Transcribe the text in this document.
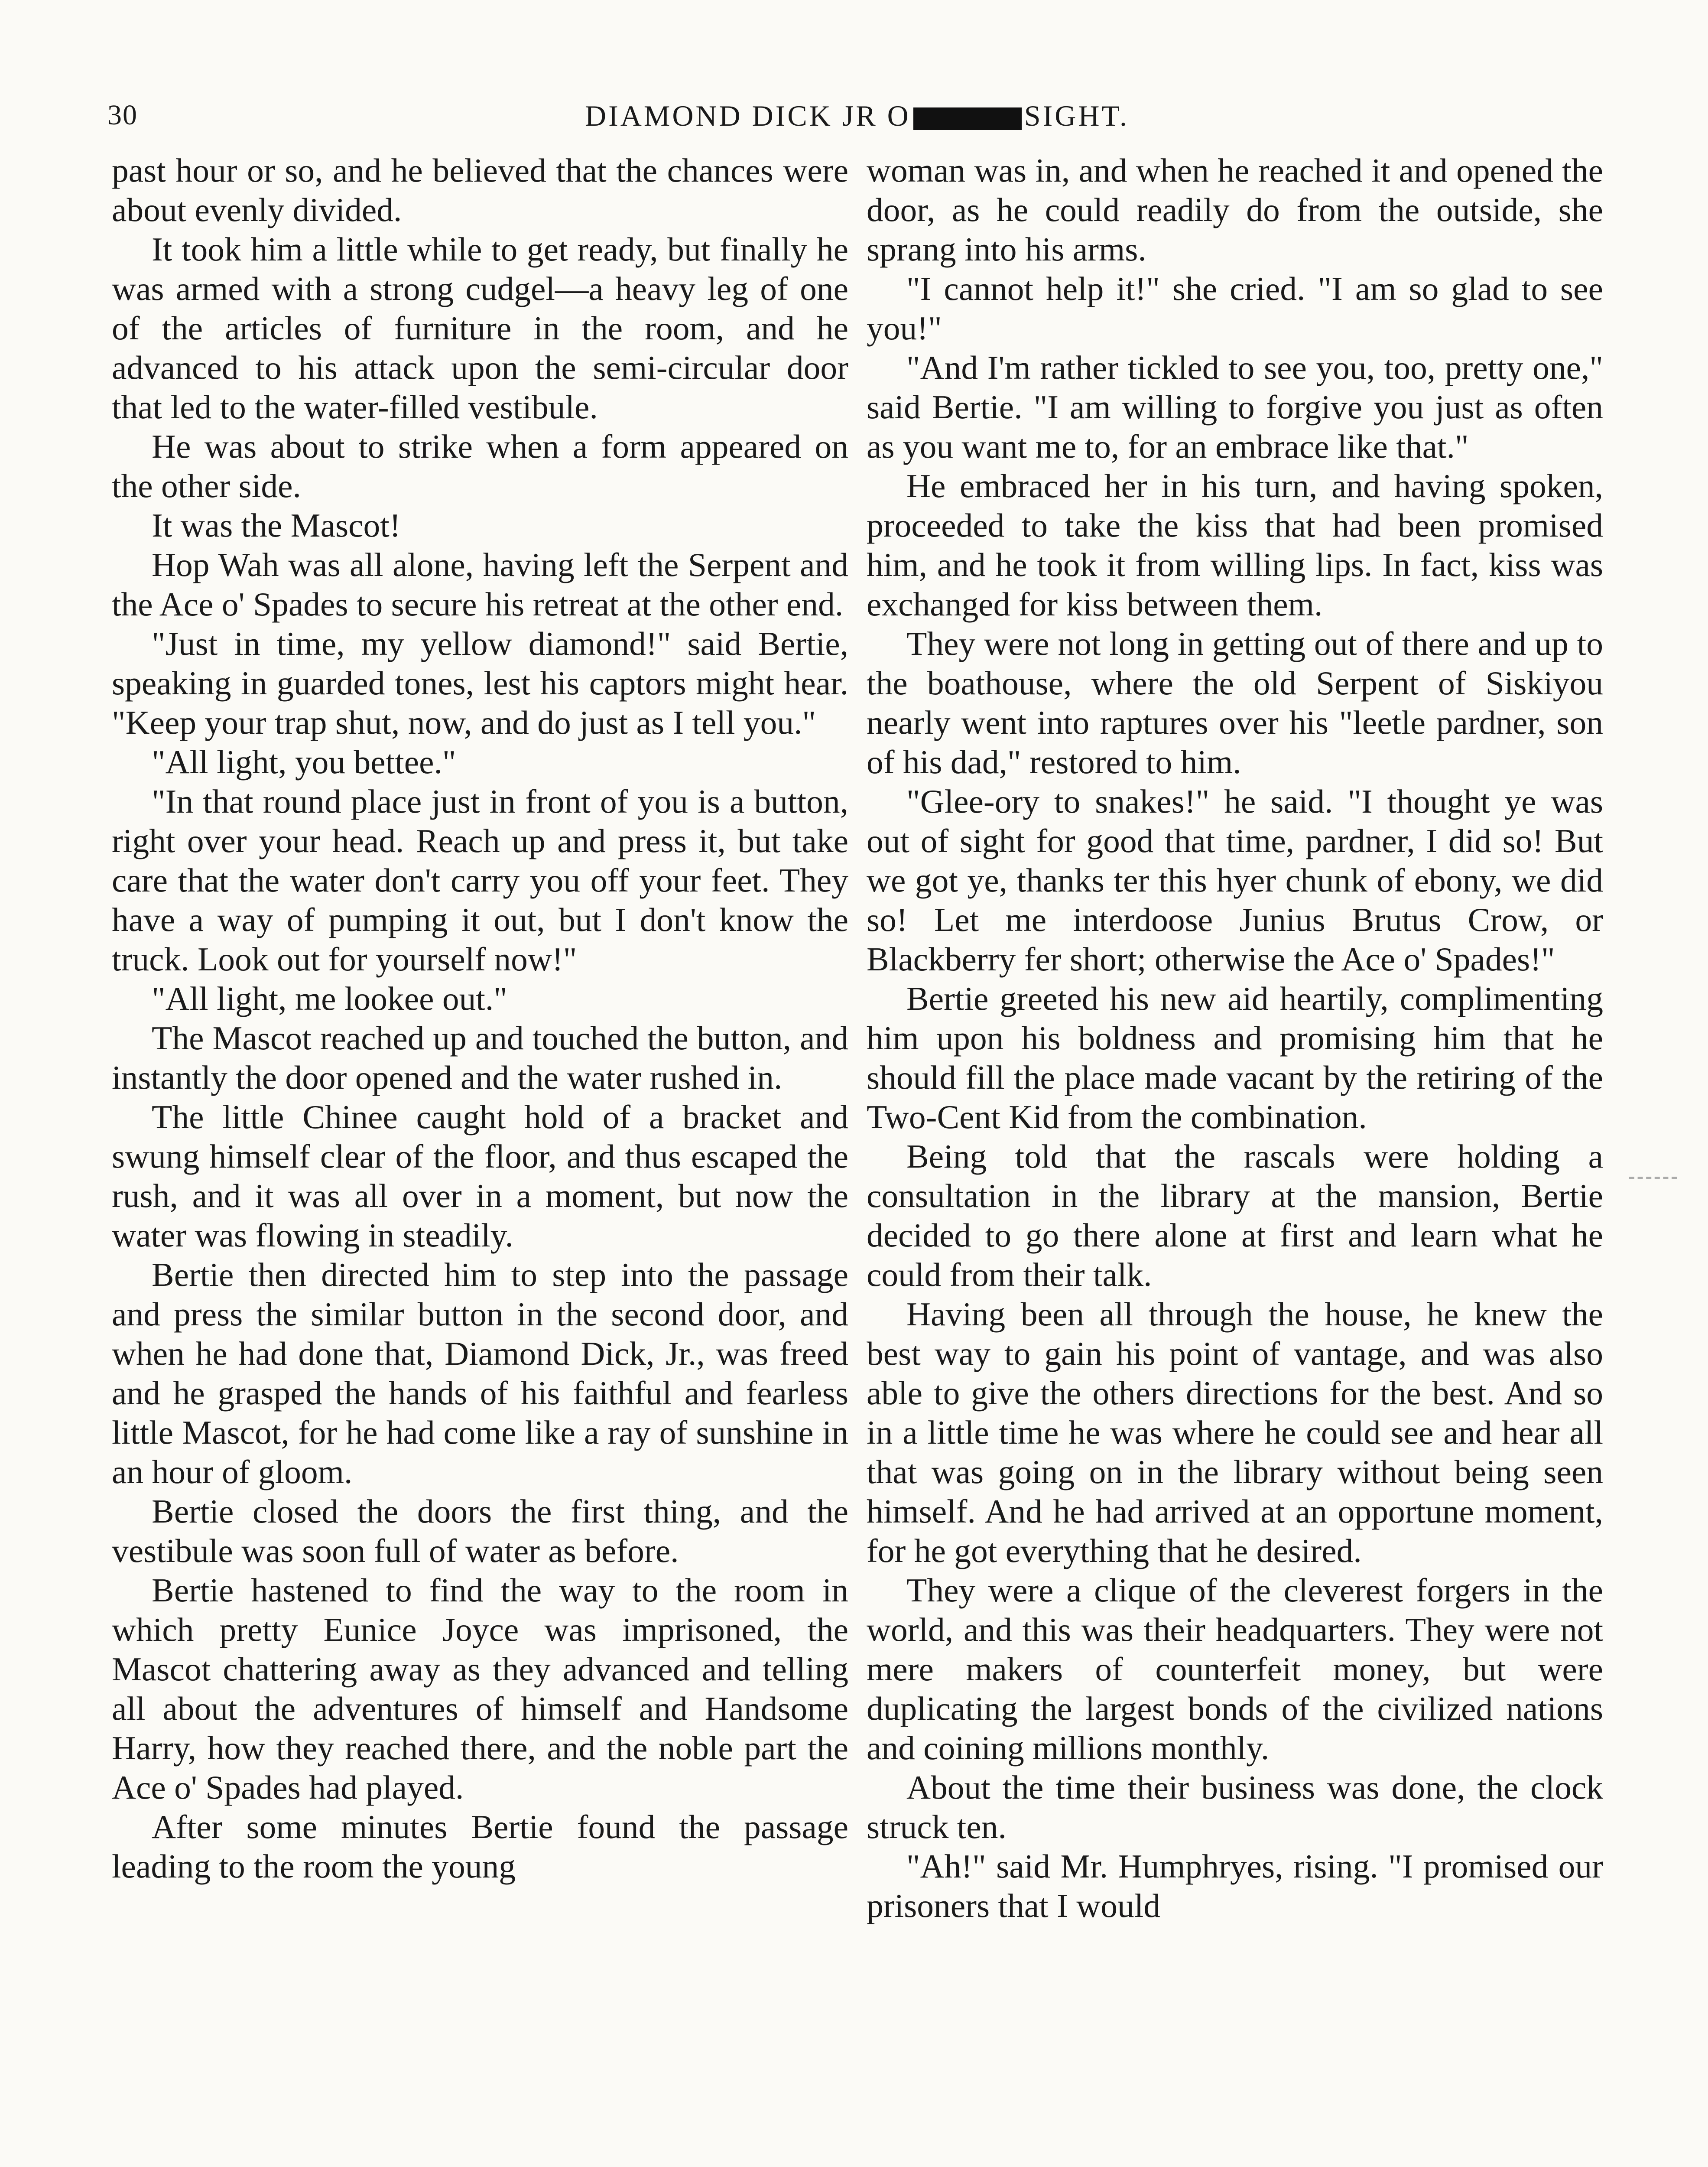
30	DIAMOND DICK JR O	SIGHT.

past hour or so, and he believed that the chances were about evenly divided.

It took him a little while to get ready, but finally he was armed with a strong cudgel—a heavy leg of one of the articles of furniture in the room, and he advanced to his attack upon the semi-circular door that led to the water-filled vestibule.

He was about to strike when a form appeared on the other side.

It was the Mascot!

Hop Wah was all alone, having left the Serpent and the Ace o' Spades to secure his retreat at the other end.

"Just in time, my yellow diamond!" said Bertie, speaking in guarded tones, lest his captors might hear. "Keep your trap shut, now, and do just as I tell you."

"All light, you bettee."

"In that round place just in front of you is a button, right over your head. Reach up and press it, but take care that the water don't carry you off your feet. They have a way of pumping it out, but I don't know the truck. Look out for yourself now!"

"All light, me lookee out."

The Mascot reached up and touched the button, and instantly the door opened and the water rushed in.

The little Chinee caught hold of a bracket and swung himself clear of the floor, and thus escaped the rush, and it was all over in a moment, but now the water was flowing in steadily.

Bertie then directed him to step into the passage and press the similar button in the second door, and when he had done that, Diamond Dick, Jr., was freed and he grasped the hands of his faithful and fearless little Mascot, for he had come like a ray of sunshine in an hour of gloom.

Bertie closed the doors the first thing, and the vestibule was soon full of water as before.

Bertie hastened to find the way to the room in which pretty Eunice Joyce was imprisoned, the Mascot chattering away as they advanced and telling all about the adventures of himself and Handsome Harry, how they reached there, and the noble part the Ace o' Spades had played.

After some minutes Bertie found the passage leading to the room the young

woman was in, and when he reached it and opened the door, as he could readily do from the outside, she sprang into his arms.

"I cannot help it!" she cried. "I am so glad to see you!"

"And I'm rather tickled to see you, too, pretty one," said Bertie. "I am willing to forgive you just as often as you want me to, for an embrace like that."

He embraced her in his turn, and having spoken, proceeded to take the kiss that had been promised him, and he took it from willing lips. In fact, kiss was exchanged for kiss between them.

They were not long in getting out of there and up to the boathouse, where the old Serpent of Siskiyou nearly went into raptures over his "leetle pardner, son of his dad," restored to him.

"Glee-ory to snakes!" he said. "I thought ye was out of sight for good that time, pardner, I did so! But we got ye, thanks ter this hyer chunk of ebony, we did so! Let me interdoose Junius Brutus Crow, or Blackberry fer short; otherwise the Ace o' Spades!"

Bertie greeted his new aid heartily, complimenting him upon his boldness and promising him that he should fill the place made vacant by the retiring of the Two-Cent Kid from the combination.

Being told that the rascals were holding a consultation in the library at the mansion, Bertie decided to go there alone at first and learn what he could from their talk.

Having been all through the house, he knew the best way to gain his point of vantage, and was also able to give the others directions for the best. And so in a little time he was where he could see and hear all that was going on in the library without being seen himself. And he had arrived at an opportune moment, for he got everything that he desired.

They were a clique of the cleverest forgers in the world, and this was their headquarters. They were not mere makers of counterfeit money, but were duplicating the largest bonds of the civilized nations and coining millions monthly.

About the time their business was done, the clock struck ten.

"Ah!" said Mr. Humphryes, rising. "I promised our prisoners that I would
